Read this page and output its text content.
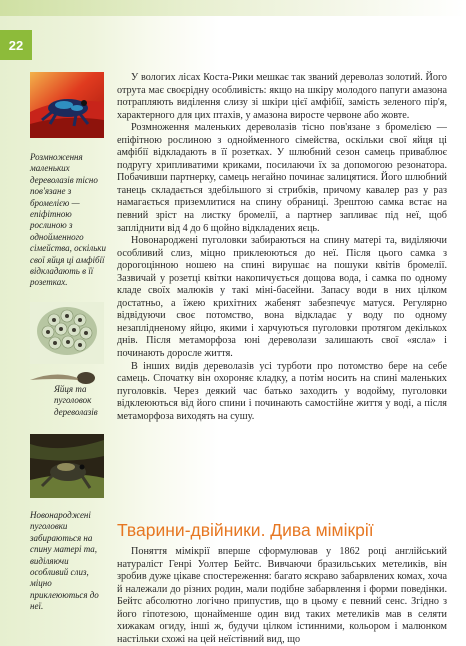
22
Розмноження маленьких дереволазів тісно пов'язане з бромелією — епіфітною рослиною з однойменного сімейства, оскільки свої яйця ці амфібії відкладають в її розетках.
Яйця та пуголовок дереволазів
Новонароджені пуголовки забираються на спину матері та, виділяючи особливий слиз, міцно приклеюються до неї.

У вологих лісах Коста-Рики мешкає так званий дереволаз золотий. Його отрута має своєрідну особливість: якщо на шкіру молодого папуги амазона потрапляють виділення слизу зі шкіри цієї амфібії, замість зеленого пір'я, характерного для цих птахів, у амазона виросте червоне або жовте.

Розмноження маленьких дереволазів тісно пов'язане з бромелією — епіфітною рослиною з однойменного сімейства, оскільки свої яйця ці амфібії відкладають в її розетках. У шлюбний сезон самець приваблює подругу хрипливатими криками, посилаючи їх за допомогою резонатора. Побачивши партнерку, самець негайно починає залицятися. Його шлюбний танець складається здебільшого зі стрибків, причому кавалер раз у раз намагається приземлитися на спину обраниці. Зрештою самка встає на певний зріст на листку бромелії, а партнер запливає під неї, щоб запліднити від 4 до 6 щойно відкладених яєць.

Новонароджені пуголовки забираються на спину матері та, виділяючи особливий слиз, міцно приклеюються до неї. Після цього самка з дорогоцінною ношею на спині вирушає на пошуки квітів бромелії. Зазвичай у розетці квітки накопичується дощова вода, і самка по одному кладе своїх малюків у такі міні-басейни. Запасу води в них цілком достатньо, а їжею крихітних жабенят забезпечує матуся. Регулярно відвідуючи своє потомство, вона відкладає у воду по одному незаплідненому яйцю, якими і харчуються пуголовки протягом декількох днів. Після метаморфоза юні дереволази залишають свої «ясла» і починають доросле життя.

В інших видів дереволазів усі турботи про потомство бере на себе самець. Спочатку він охороняє кладку, а потім носить на спині маленьких пуголовків. Через деякий час батько заходить у водойму, пуголовки відклеюються від його спини і починають самостійне життя у воді, а після метаморфоза виходять на сушу.

Тварини-двійники. Дива мімікрії

Поняття мімікрії вперше сформулював у 1862 році англійський натураліст Генрі Уолтер Бейтс. Вивчаючи бразильських метеликів, він зробив дуже цікаве спостереження: багато яскраво забарвлених комах, хоча й належали до різних родин, мали подібне забарвлення і форми поведінки. Бейтс абсолютно логічно припустив, що в цьому є певний сенс. Згідно з його гіпотезою, щонайменше один вид таких метеликів мав в селяти хижакам огиду, інші ж, будучи цілком істинними, кольором і малюнком настільки схожі на цей неїстівний вид, що
